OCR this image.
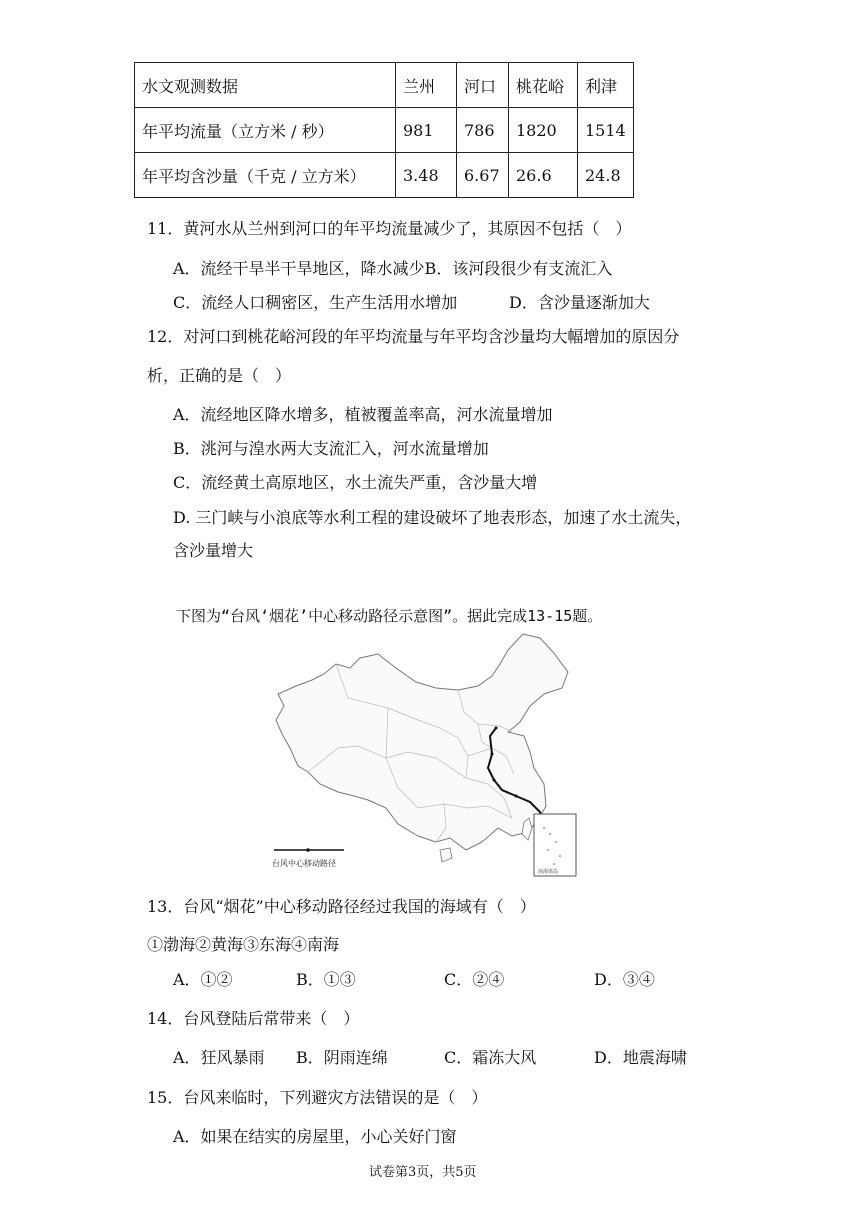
水文观测数据	兰州	河口	桃花峪	利津
年平均流量（立方米 / 秒）	981	786	1820	1514
年平均含沙量（千克 / 立方米）	3.48	6.67	26.6	24.8
11．黄河水从兰州到河口的年平均流量减少了，其原因不包括（　）
A．流经干旱半干旱地区，降水减少B．该河段很少有支流汇入
C．流经人口稠密区，生产生活用水增加	D．含沙量逐渐加大
12．对河口到桃花峪河段的年平均流量与年平均含沙量均大幅增加的原因分
析，正确的是（　）
A．流经地区降水增多，植被覆盖率高，河水流量增加
B．洮河与湟水两大支流汇入，河水流量增加
C．流经黄土高原地区，水土流失严重，含沙量大增
D. 三门峡与小浪底等水利工程的建设破坏了地表形态，加速了水土流失，
含沙量增大
下图为“台风‘烟花’中心移动路径示意图”。据此完成13-15题。
南海诸岛
台风中心移动路径
13．台风“烟花”中心移动路径经过我国的海域有（　）
①渤海②黄海③东海④南海
A．①②	B．①③	C．②④	D．③④
14．台风登陆后常带来（　）
A．狂风暴雨 B．阴雨连绵	C．霜冻大风	D．地震海啸
15．台风来临时，下列避灾方法错误的是（　）
A．如果在结实的房屋里，小心关好门窗
试卷第3页，共5页
